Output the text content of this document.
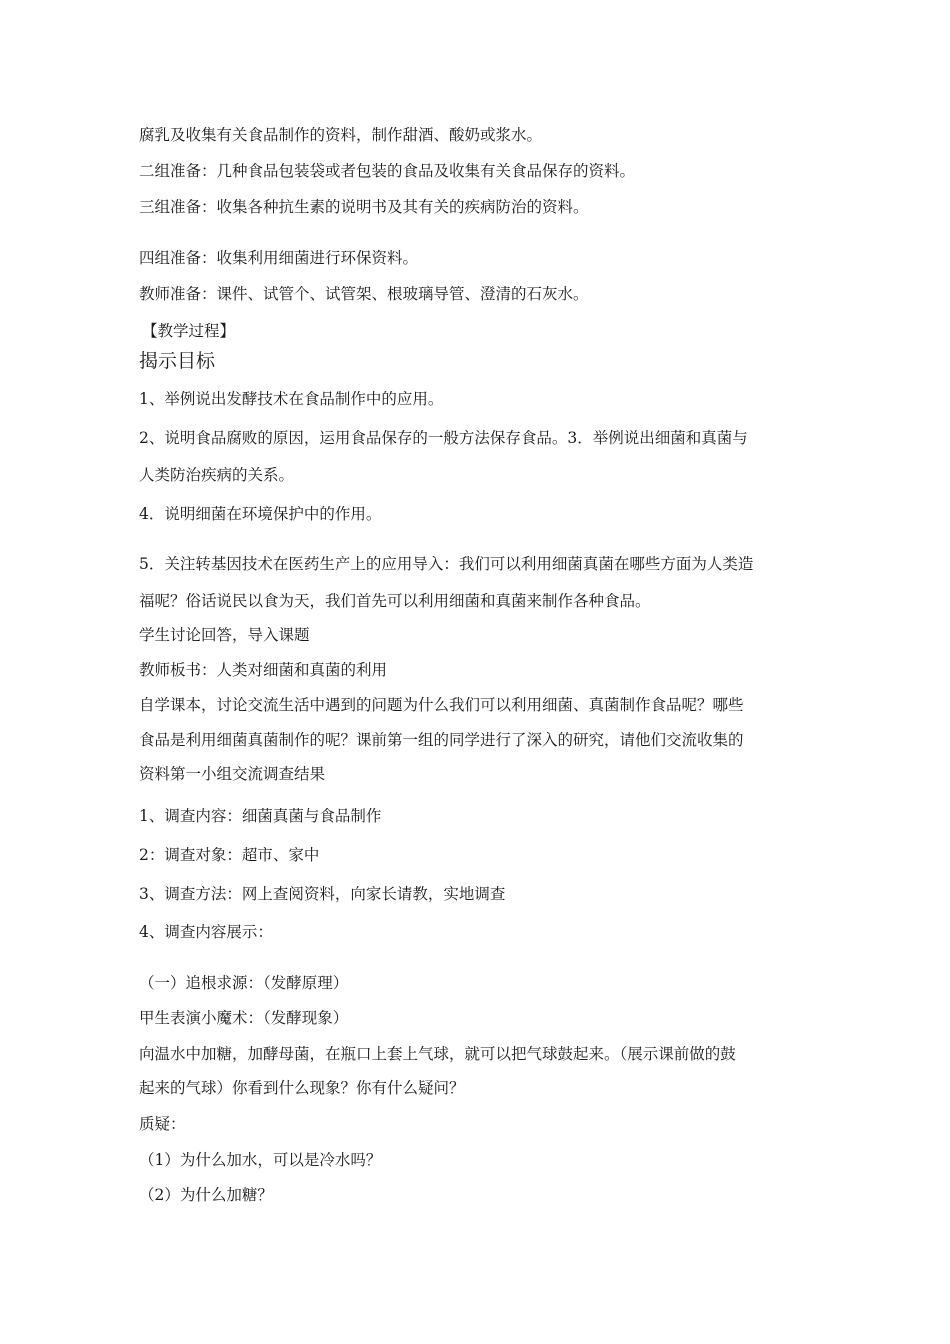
腐乳及收集有关食品制作的资料，制作甜酒、酸奶或浆水。
二组准备：几种食品包装袋或者包装的食品及收集有关食品保存的资料。
三组准备：收集各种抗生素的说明书及其有关的疾病防治的资料。
四组准备：收集利用细菌进行环保资料。
教师准备：课件、试管个、试管架、根玻璃导管、澄清的石灰水。
【教学过程】
揭示目标
1、举例说出发酵技术在食品制作中的应用。
2、说明食品腐败的原因，运用食品保存的一般方法保存食品。3．举例说出细菌和真菌与
人类防治疾病的关系。
4．说明细菌在环境保护中的作用。
5．关注转基因技术在医药生产上的应用导入：我们可以利用细菌真菌在哪些方面为人类造
福呢？俗话说民以食为天，我们首先可以利用细菌和真菌来制作各种食品。
学生讨论回答，导入课题
教师板书：人类对细菌和真菌的利用
自学课本，讨论交流生活中遇到的问题为什么我们可以利用细菌、真菌制作食品呢？哪些
食品是利用细菌真菌制作的呢？课前第一组的同学进行了深入的研究，请他们交流收集的
资料第一小组交流调查结果
1、调查内容：细菌真菌与食品制作
2：调查对象：超市、家中
3、调查方法：网上查阅资料，向家长请教，实地调查
4、调查内容展示：
（一）追根求源：（发酵原理）
甲生表演小魔术：（发酵现象）
向温水中加糖，加酵母菌，在瓶口上套上气球，就可以把气球鼓起来。（展示课前做的鼓
起来的气球）你看到什么现象？你有什么疑问？
质疑：
（1）为什么加水，可以是冷水吗？
（2）为什么加糖？
